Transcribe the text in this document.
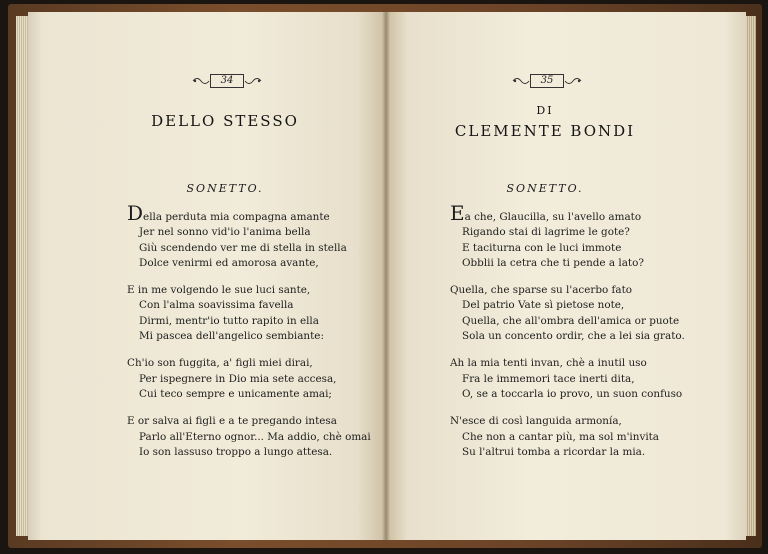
34
DELLO STESSO
SONETTO.
Della perduta mia compagna amante
Jer nel sonno vid'io l'anima bella
Giù scendendo ver me di stella in stella
Dolce venirmi ed amorosa avante,
E in me volgendo le sue luci sante,
Con l'alma soavissima favella
Dirmi, mentr'io tutto rapito in ella
Mi pascea dell'angelico sembiante:
Ch'io son fuggita, a' figli miei dirai,
Per ispegnere in Dio mia sete accesa,
Cui teco sempre e unicamente amai;
E or salva ai figli e a te pregando intesa
Parlo all'Eterno ognor... Ma addio, chè omai
Io son lassuso troppo a lungo attesa.
35
DI
CLEMENTE BONDI
SONETTO.
Ea che, Glaucilla, su l'avello amato
Rigando stai di lagrime le gote?
E taciturna con le luci immote
Obblii la cetra che ti pende a lato?
Quella, che sparse su l'acerbo fato
Del patrio Vate sì pietose note,
Quella, che all'ombra dell'amica or puote
Sola un concento ordir, che a lei sia grato.
Ah la mia tenti invan, chè a inutil uso
Fra le immemori tace inerti dita,
O, se a toccarla io provo, un suon confuso
N'esce di così languida armonía,
Che non a cantar più, ma sol m'invita
Su l'altrui tomba a ricordar la mia.
